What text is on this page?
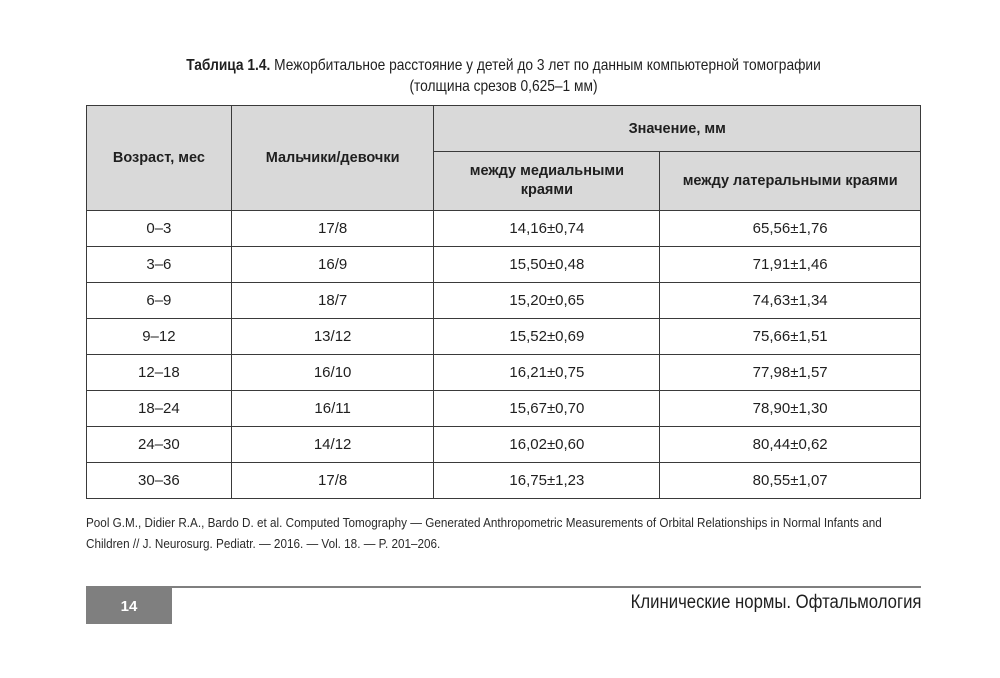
Таблица 1.4. Межорбитальное расстояние у детей до 3 лет по данным компьютерной томографии
(толщина срезов 0,625–1 мм)
Возраст, мес	Мальчики/девочки	Значение, мм	
		между медиальными краями	между латеральными краями
0–3	17/8	14,16±0,74	65,56±1,76
3–6	16/9	15,50±0,48	71,91±1,46
6–9	18/7	15,20±0,65	74,63±1,34
9–12	13/12	15,52±0,69	75,66±1,51
12–18	16/10	16,21±0,75	77,98±1,57
18–24	16/11	15,67±0,70	78,90±1,30
24–30	14/12	16,02±0,60	80,44±0,62
30–36	17/8	16,75±1,23	80,55±1,07
Pool G.M., Didier R.A., Bardo D. et al. Computed Tomography — Generated Anthropometric Measurements of Orbital Relationships in Normal Infants and
Children // J. Neurosurg. Pediatr. — 2016. — Vol. 18. — P. 201–206.
14	Клинические нормы. Офтальмология
